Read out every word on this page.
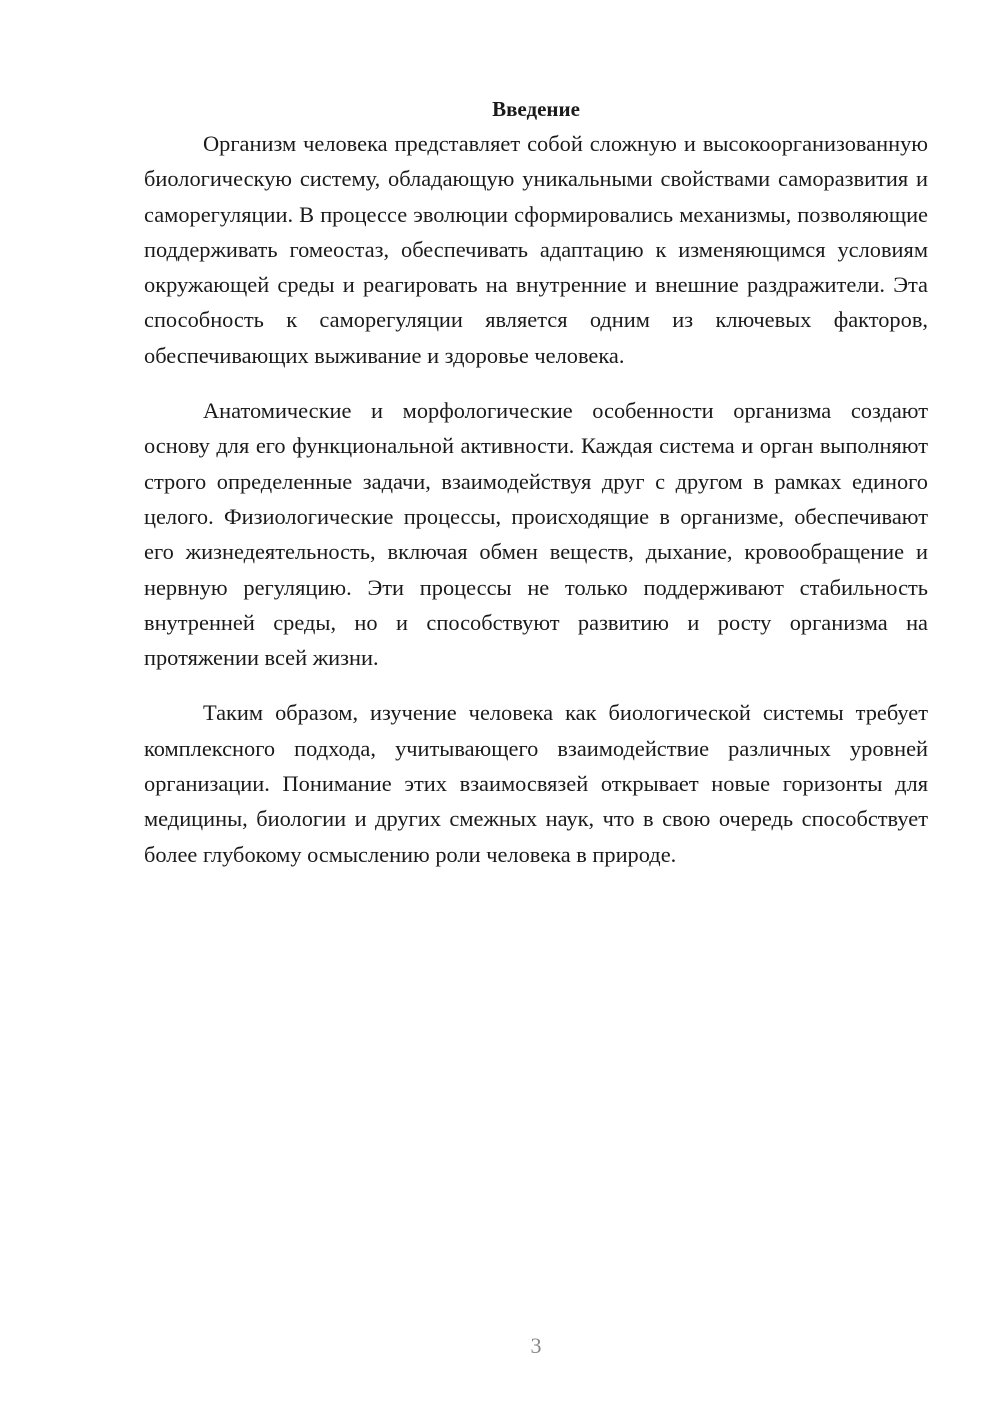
Введение

Организм человека представляет собой сложную и высокоорганизованную биологическую систему, обладающую уникальными свойствами саморазвития и саморегуляции. В процессе эволюции сформировались механизмы, позволяющие поддерживать гомеостаз, обеспечивать адаптацию к изменяющимся условиям окружающей среды и реагировать на внутренние и внешние раздражители. Эта способность к саморегуляции является одним из ключевых факторов, обеспечивающих выживание и здоровье человека.

Анатомические и морфологические особенности организма создают основу для его функциональной активности. Каждая система и орган выполняют строго определенные задачи, взаимодействуя друг с другом в рамках единого целого. Физиологические процессы, происходящие в организме, обеспечивают его жизнедеятельность, включая обмен веществ, дыхание, кровообращение и нервную регуляцию. Эти процессы не только поддерживают стабильность внутренней среды, но и способствуют развитию и росту организма на протяжении всей жизни.

Таким образом, изучение человека как биологической системы требует комплексного подхода, учитывающего взаимодействие различных уровней организации. Понимание этих взаимосвязей открывает новые горизонты для медицины, биологии и других смежных наук, что в свою очередь способствует более глубокому осмыслению роли человека в природе.

3
